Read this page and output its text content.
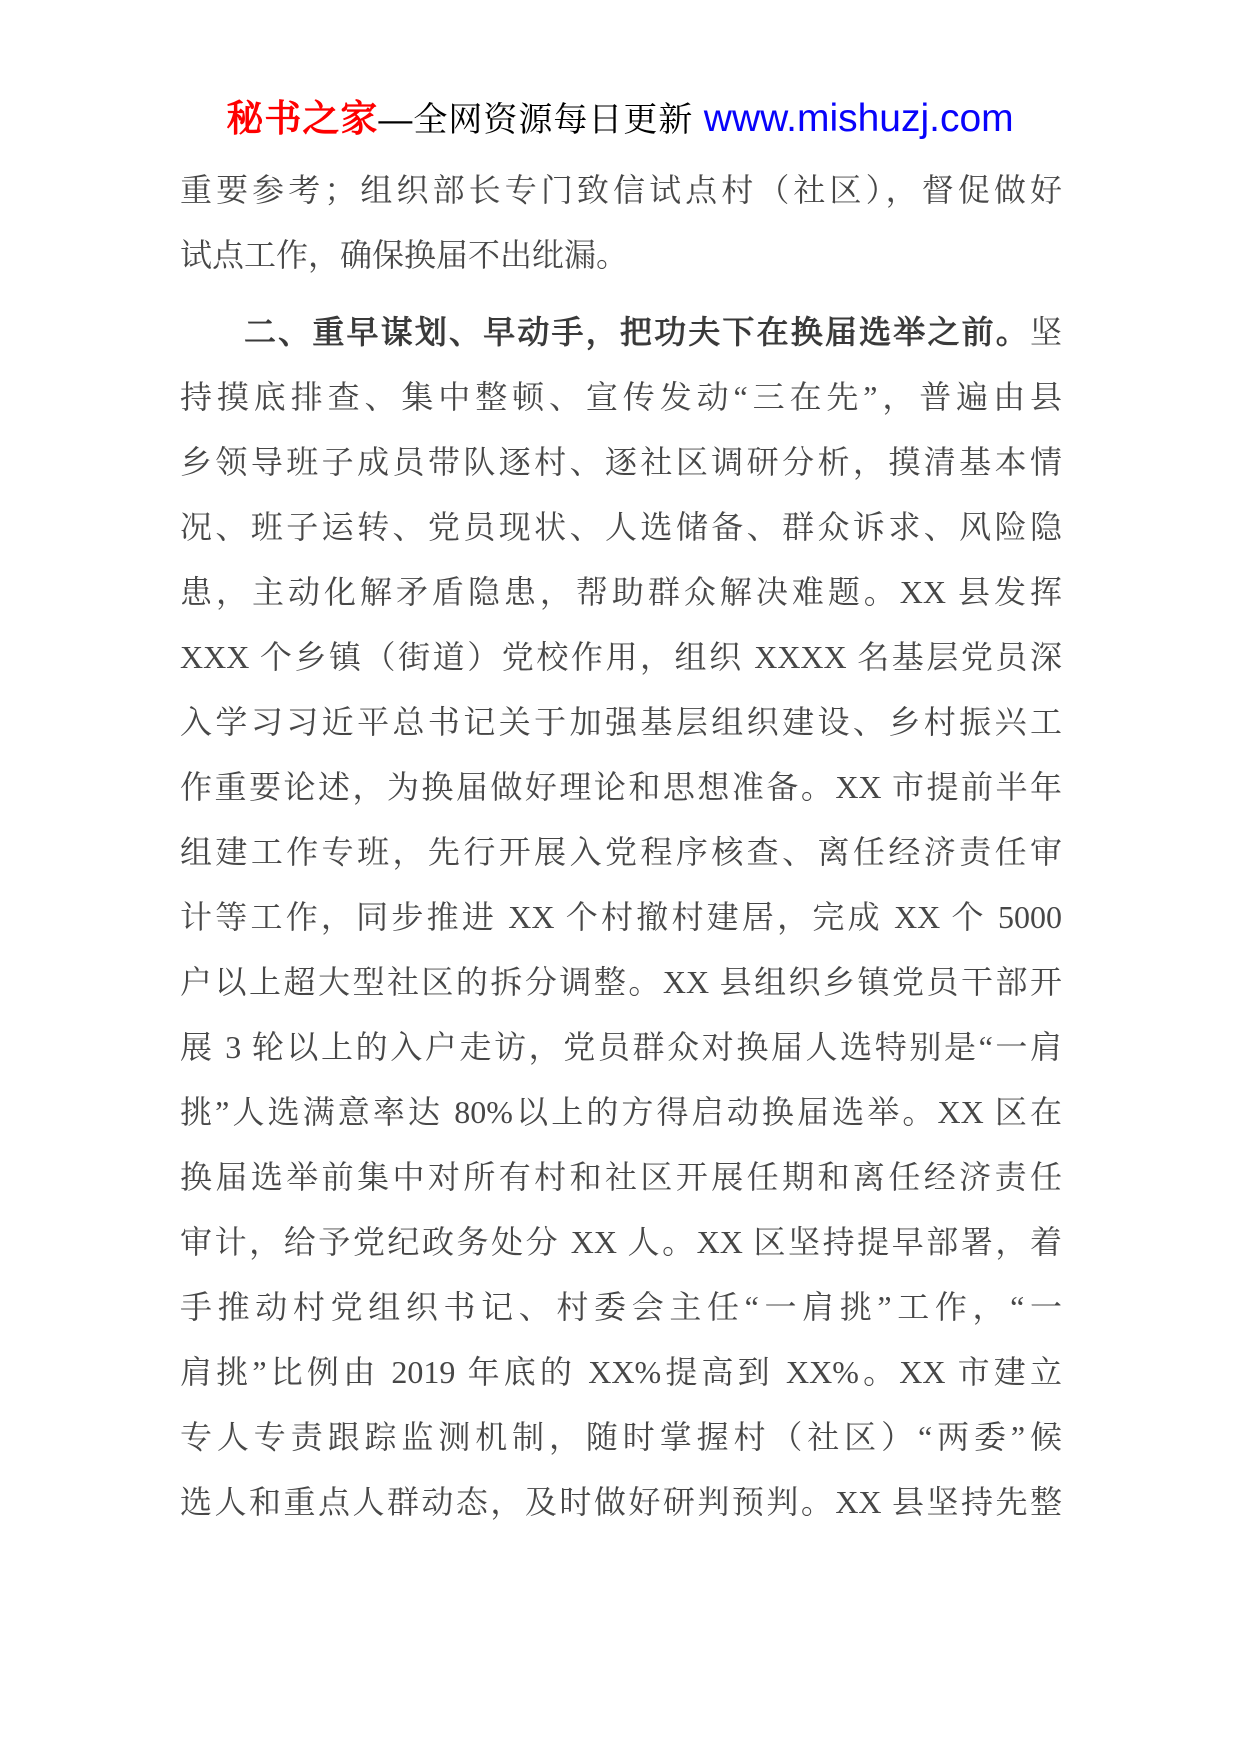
秘书之家—全网资源每日更新 www.mishuzj.com
重要参考；组织部长专门致信试点村（社区），督促做好
试点工作，确保换届不出纰漏。
二、重早谋划、早动手，把功夫下在换届选举之前。坚
持摸底排查、集中整顿、宣传发动“三在先”，普遍由县
乡领导班子成员带队逐村、逐社区调研分析，摸清基本情
况、班子运转、党员现状、人选储备、群众诉求、风险隐
患，主动化解矛盾隐患，帮助群众解决难题。XX 县发挥
XXX 个乡镇（街道）党校作用，组织 XXXX 名基层党员深
入学习习近平总书记关于加强基层组织建设、乡村振兴工
作重要论述，为换届做好理论和思想准备。XX 市提前半年
组建工作专班，先行开展入党程序核查、离任经济责任审
计等工作，同步推进 XX 个村撤村建居，完成 XX 个 5000
户以上超大型社区的拆分调整。XX 县组织乡镇党员干部开
展 3 轮以上的入户走访，党员群众对换届人选特别是“一肩
挑”人选满意率达 80%以上的方得启动换届选举。XX 区在
换届选举前集中对所有村和社区开展任期和离任经济责任
审计，给予党纪政务处分 XX 人。XX 区坚持提早部署，着
手推动村党组织书记、村委会主任“一肩挑”工作，“一
肩挑”比例由 2019 年底的 XX%提高到 XX%。XX 市建立
专人专责跟踪监测机制，随时掌握村（社区）“两委”候
选人和重点人群动态，及时做好研判预判。XX 县坚持先整
